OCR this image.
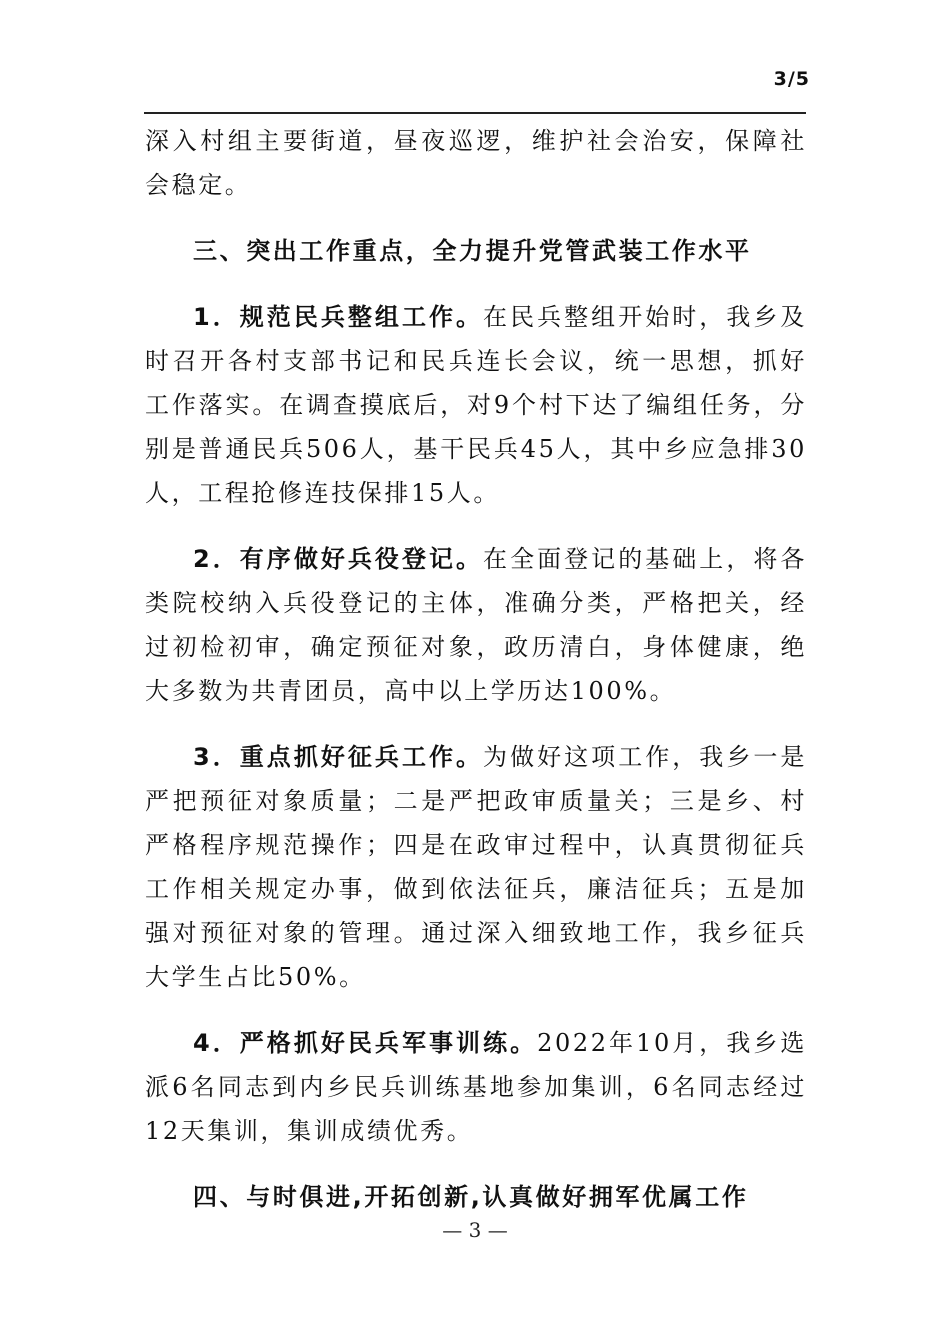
3/5

深入村组主要街道，昼夜巡逻，维护社会治安，保障社会稳定。

三、突出工作重点，全力提升党管武装工作水平

1．规范民兵整组工作。在民兵整组开始时，我乡及时召开各村支部书记和民兵连长会议，统一思想，抓好工作落实。在调查摸底后，对9个村下达了编组任务，分别是普通民兵506人，基干民兵45人，其中乡应急排30人，工程抢修连技保排15人。

2．有序做好兵役登记。在全面登记的基础上，将各类院校纳入兵役登记的主体，准确分类，严格把关，经过初检初审，确定预征对象，政历清白，身体健康，绝大多数为共青团员，高中以上学历达100%。

3．重点抓好征兵工作。为做好这项工作，我乡一是严把预征对象质量；二是严把政审质量关；三是乡、村严格程序规范操作；四是在政审过程中，认真贯彻征兵工作相关规定办事，做到依法征兵，廉洁征兵；五是加强对预征对象的管理。通过深入细致地工作，我乡征兵大学生占比50%。

4．严格抓好民兵军事训练。2022年10月，我乡选派6名同志到内乡民兵训练基地参加集训，6名同志经过12天集训，集训成绩优秀。

四、与时俱进,开拓创新,认真做好拥军优属工作
— 3 —
